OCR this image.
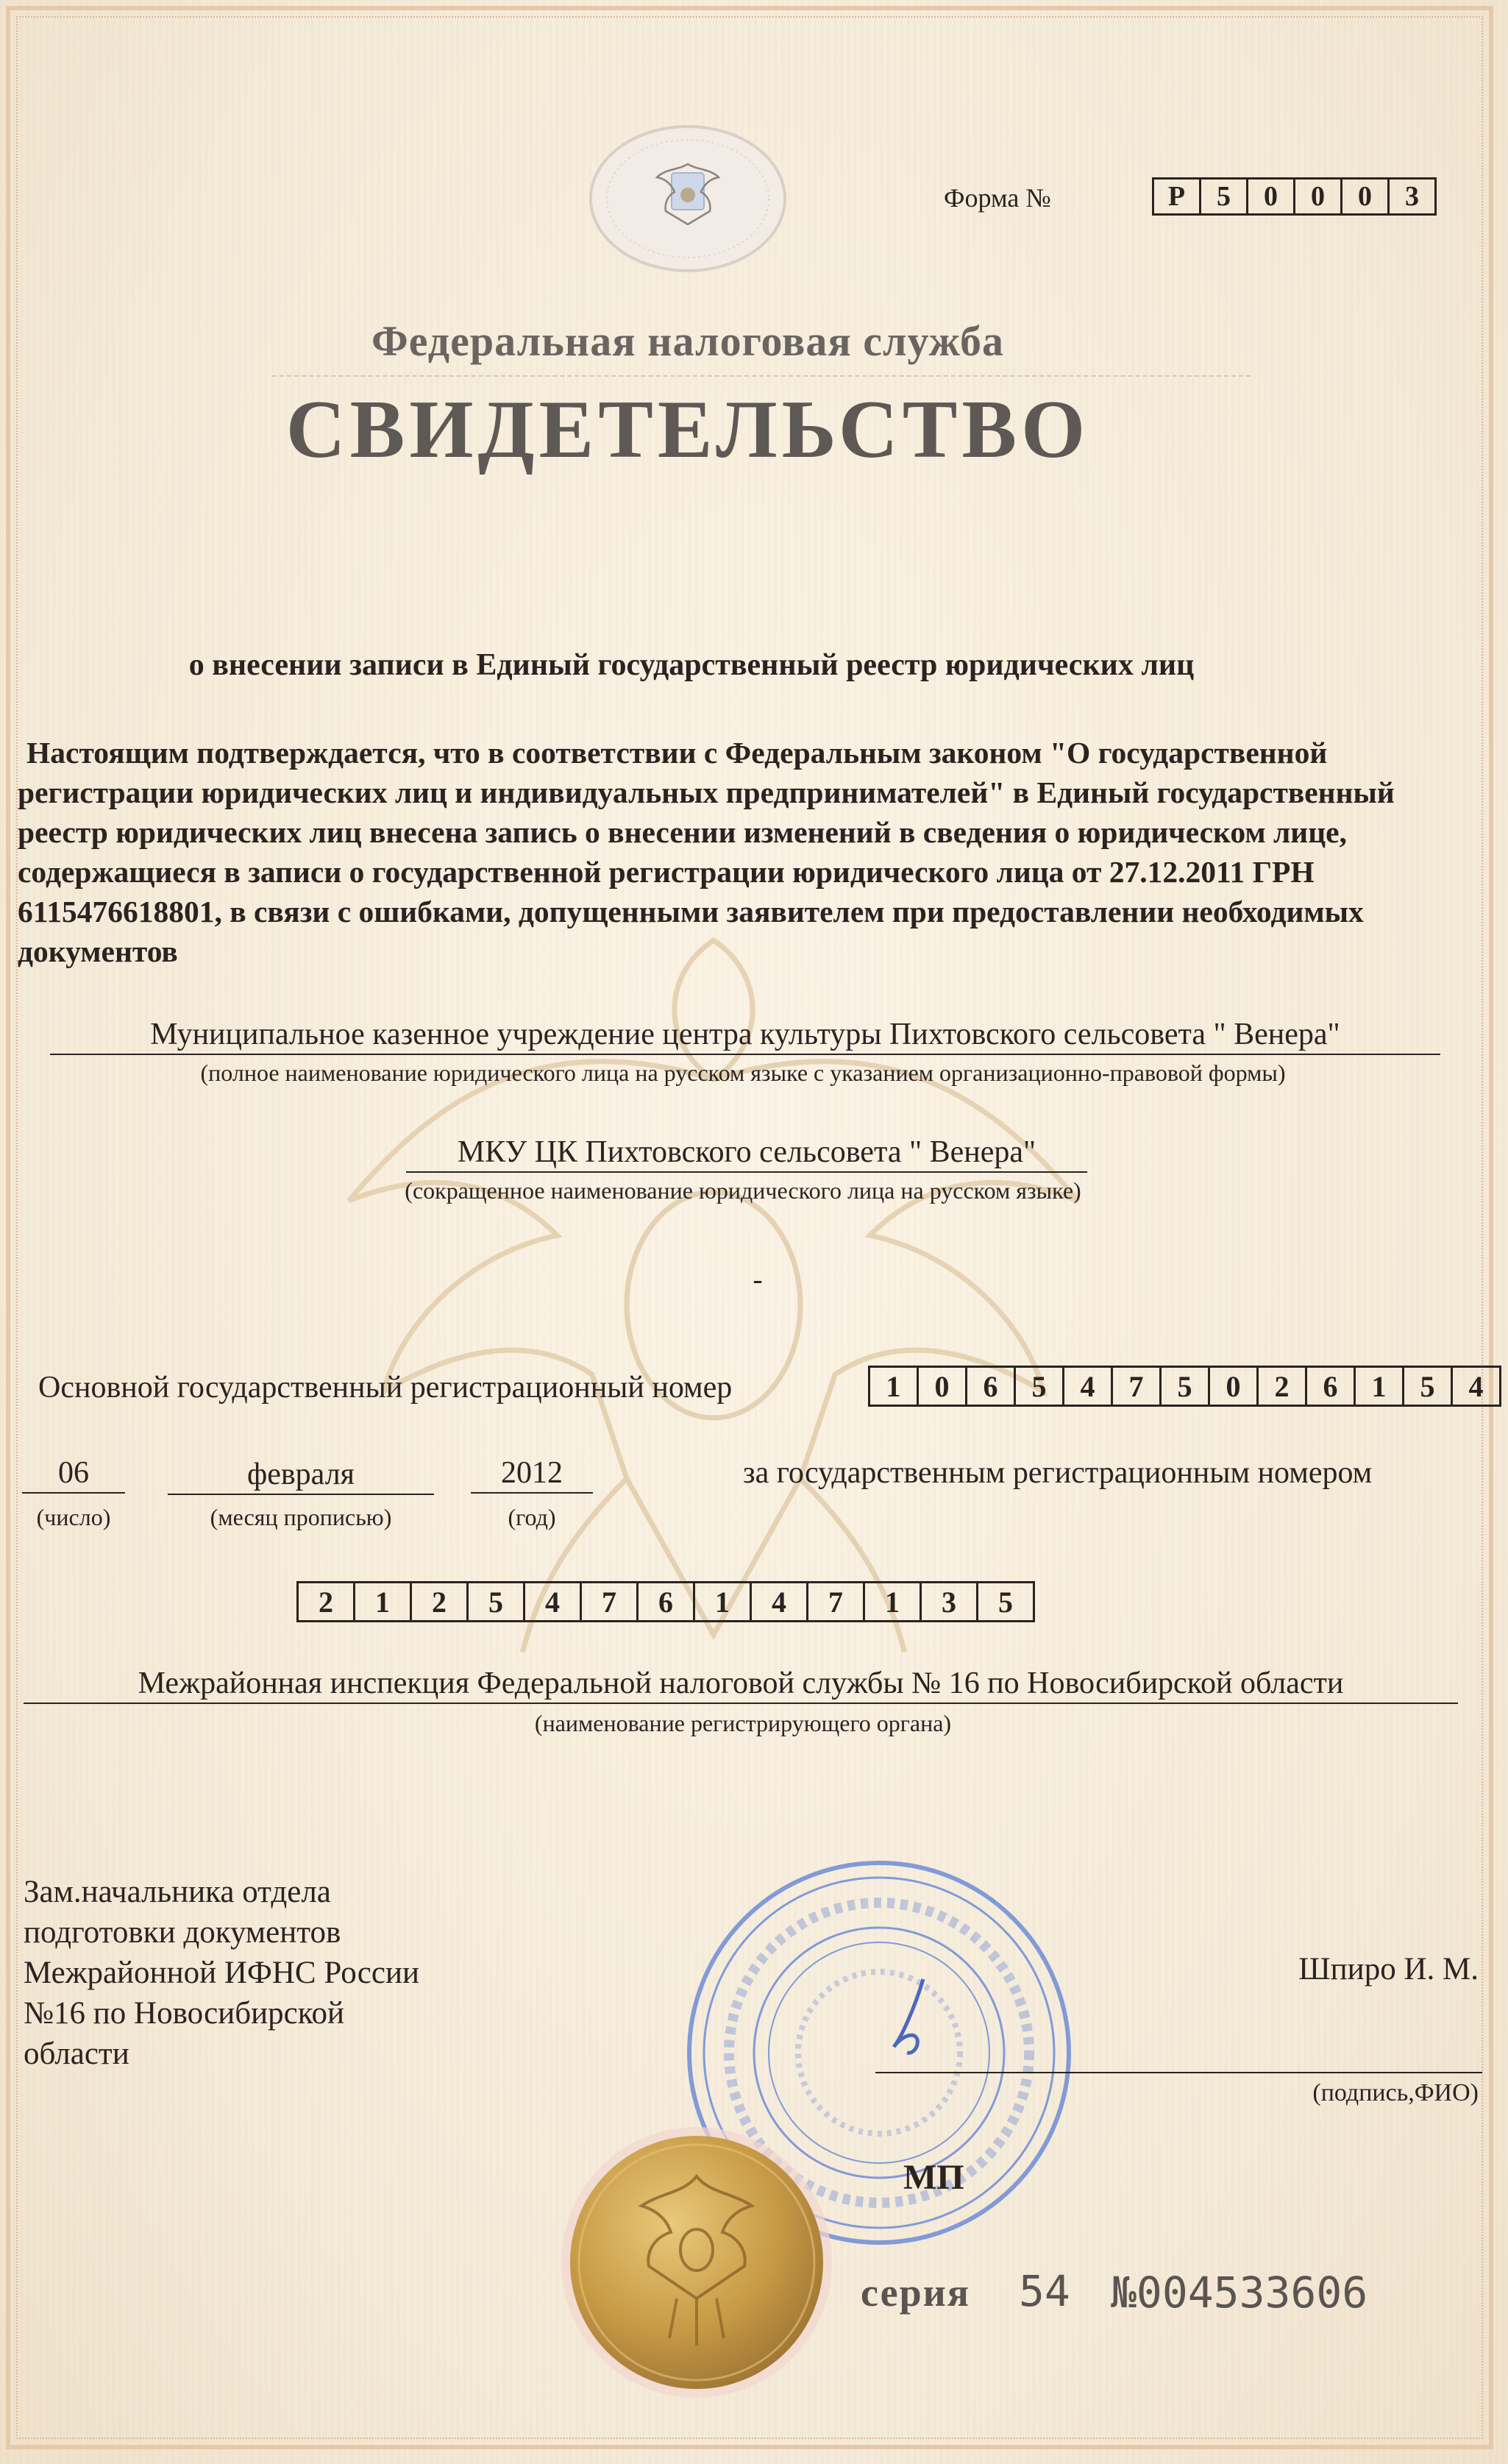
Форма №	Р	5	0	0	0	3
Федеральная налоговая служба
СВИДЕТЕЛЬСТВО
о внесении записи в Единый государственный реестр юридических лиц
Настоящим подтверждается, что в соответствии с Федеральным законом "О государственной регистрации юридических лиц и индивидуальных предпринимателей" в Единый государственный реестр юридических лиц внесена запись о внесении изменений в сведения о юридическом лице, содержащиеся в записи о государственной регистрации юридического лица от 27.12.2011 ГРН 6115476618801, в связи с ошибками, допущенными заявителем при предоставлении необходимых документов
Муниципальное казенное учреждение центра культуры Пихтовского сельсовета " Венера"
(полное наименование юридического лица на русском языке с указанием организационно-правовой формы)
МКУ ЦК Пихтовского сельсовета " Венера"
(сокращенное наименование юридического лица на русском языке)
-
Основной государственный регистрационный номер	1	0	6	5	4	7	5	0	2	6	1	5	4
06
(число)
февраля
(месяц прописью)
2012
(год)
за государственным регистрационным номером
2	1	2	5	4	7	6	1	4	7	1	3	5
Межрайонная инспекция Федеральной налоговой службы № 16 по Новосибирской области
(наименование регистрирующего органа)
Зам.начальника отдела
подготовки документов
Межрайонной ИФНС России
№16 по Новосибирской
области
Шпиро И. М.
(подпись,ФИО)
МП
серия 54 №004533606
